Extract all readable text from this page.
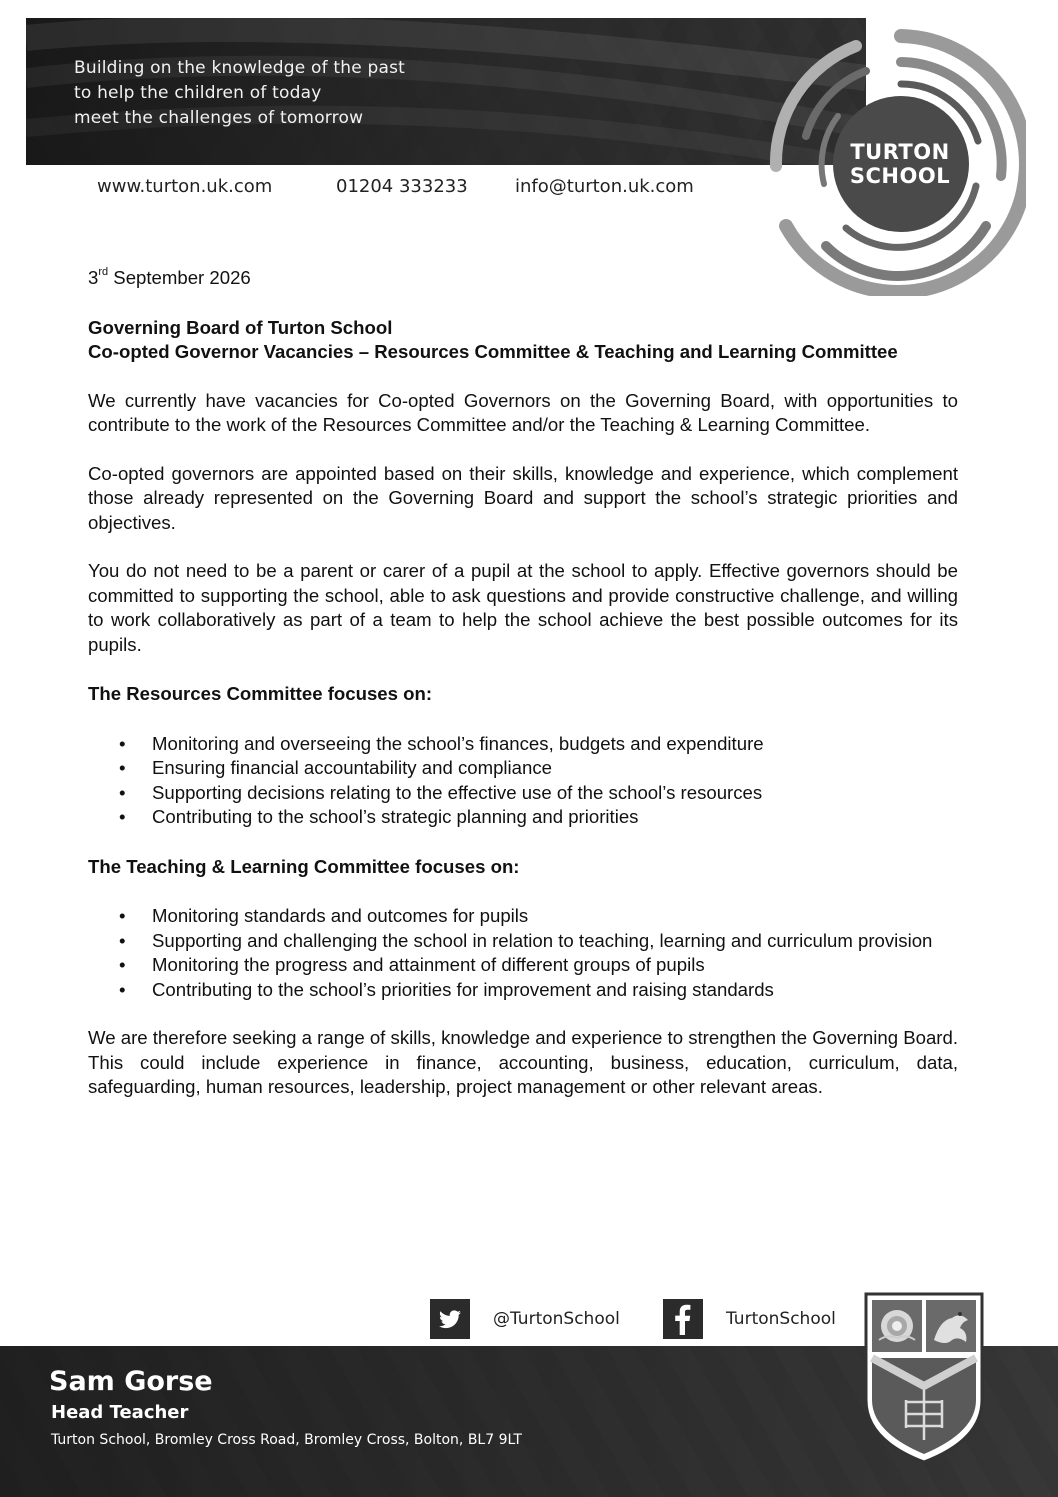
Building on the knowledge of the past
to help the children of today
meet the challenges of tomorrow
www.turton.uk.com	01204 333233	info@turton.uk.com
TURTON
SCHOOL

3rd September 2026

Governing Board of Turton School
Co-opted Governor Vacancies – Resources Committee & Teaching and Learning Committee

We currently have vacancies for Co-opted Governors on the Governing Board, with opportunities to contribute to the work of the Resources Committee and/or the Teaching & Learning Committee.

Co-opted governors are appointed based on their skills, knowledge and experience, which complement those already represented on the Governing Board and support the school’s strategic priorities and objectives.

You do not need to be a parent or carer of a pupil at the school to apply. Effective governors should be committed to supporting the school, able to ask questions and provide constructive challenge, and willing to work collaboratively as part of a team to help the school achieve the best possible outcomes for its pupils.

The Resources Committee focuses on:
• Monitoring and overseeing the school’s finances, budgets and expenditure
• Ensuring financial accountability and compliance
• Supporting decisions relating to the effective use of the school’s resources
• Contributing to the school’s strategic planning and priorities
The Teaching & Learning Committee focuses on:
• Monitoring standards and outcomes for pupils
• Supporting and challenging the school in relation to teaching, learning and curriculum provision
• Monitoring the progress and attainment of different groups of pupils
• Contributing to the school’s priorities for improvement and raising standards

We are therefore seeking a range of skills, knowledge and experience to strengthen the Governing Board. This could include experience in finance, accounting, business, education, curriculum, data, safeguarding, human resources, leadership, project management or other relevant areas.

@TurtonSchool	TurtonSchool
Sam Gorse
Head Teacher
Turton School, Bromley Cross Road, Bromley Cross, Bolton, BL7 9LT
